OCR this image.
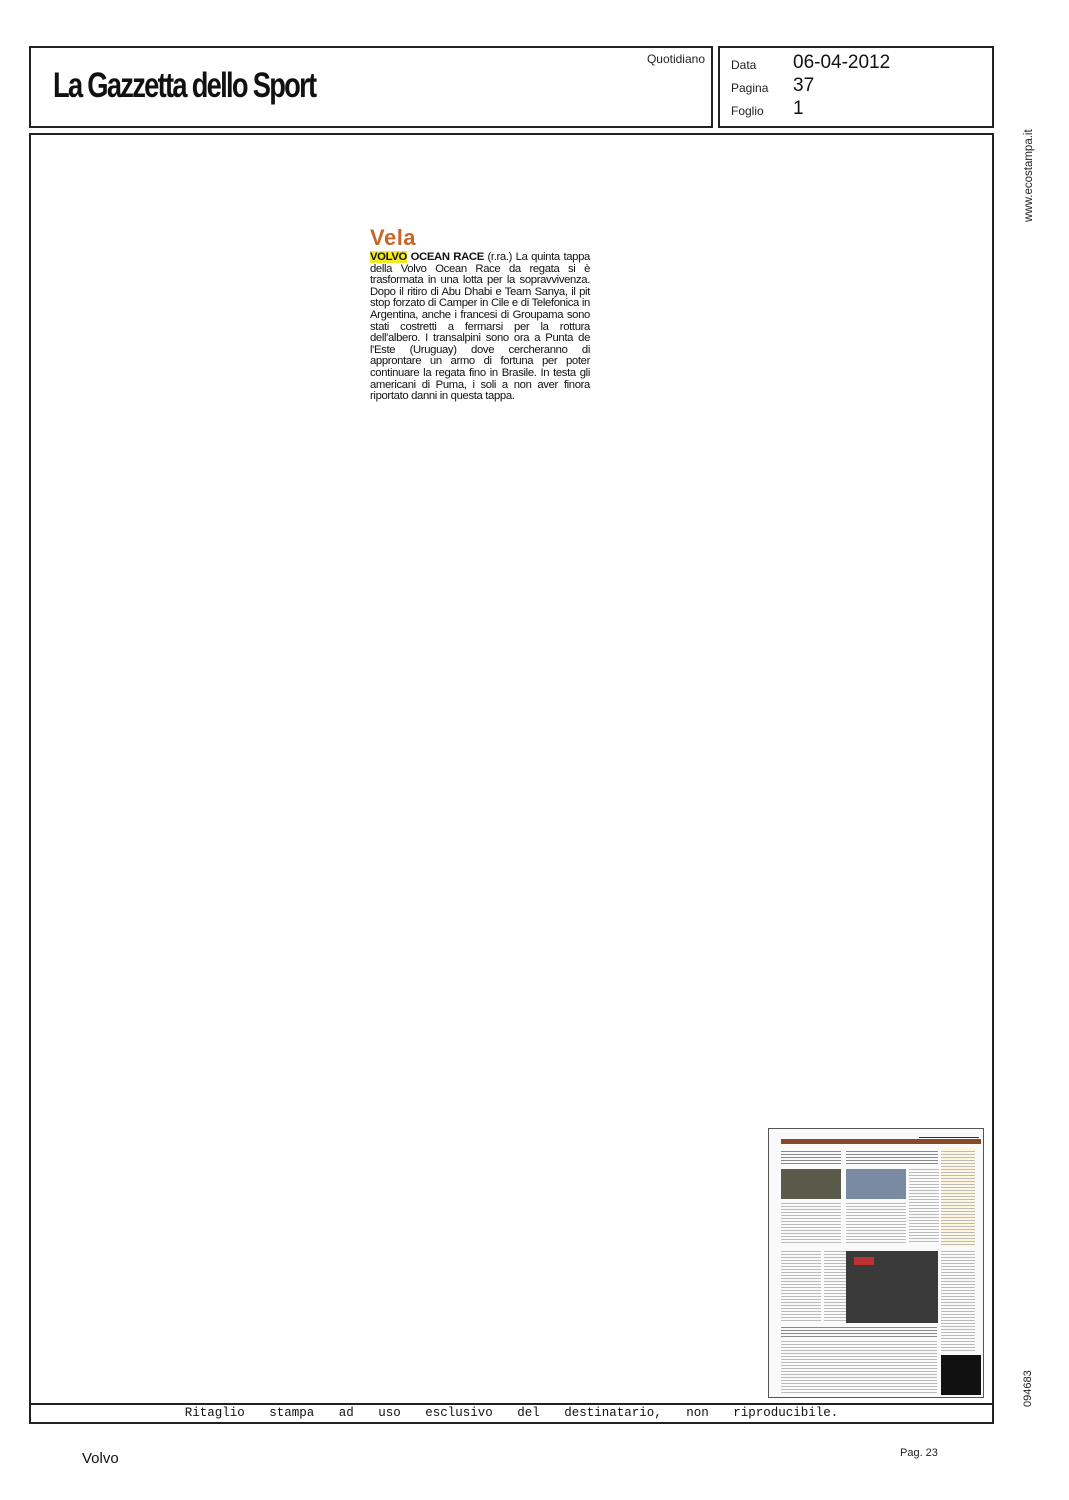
La Gazzetta dello Sport
Quotidiano Data 06-04-2012
Pagina 37
Foglio 1
Ritaglio stampa ad uso esclusivo del destinatario, non riproducibile.
www.ecostampa.it
094683
Vela

VOLVO OCEAN RACE (r.ra.) La quinta tappa della Volvo Ocean Race da regata si è trasformata in una lotta per la sopravvivenza. Dopo il ritiro di Abu Dhabi e Team Sanya, il pit stop forzato di Camper in Cile e di Telefonica in Argentina, anche i francesi di Groupama sono stati costretti a fermarsi per la rottura dell'albero. I transalpini sono ora a Punta de l'Este (Uruguay) dove cercheranno di approntare un armo di fortuna per poter continuare la regata fino in Brasile. In testa gli americani di Puma, i soli a non aver finora riportato danni in questa tappa.

Volvo	Pag. 23
